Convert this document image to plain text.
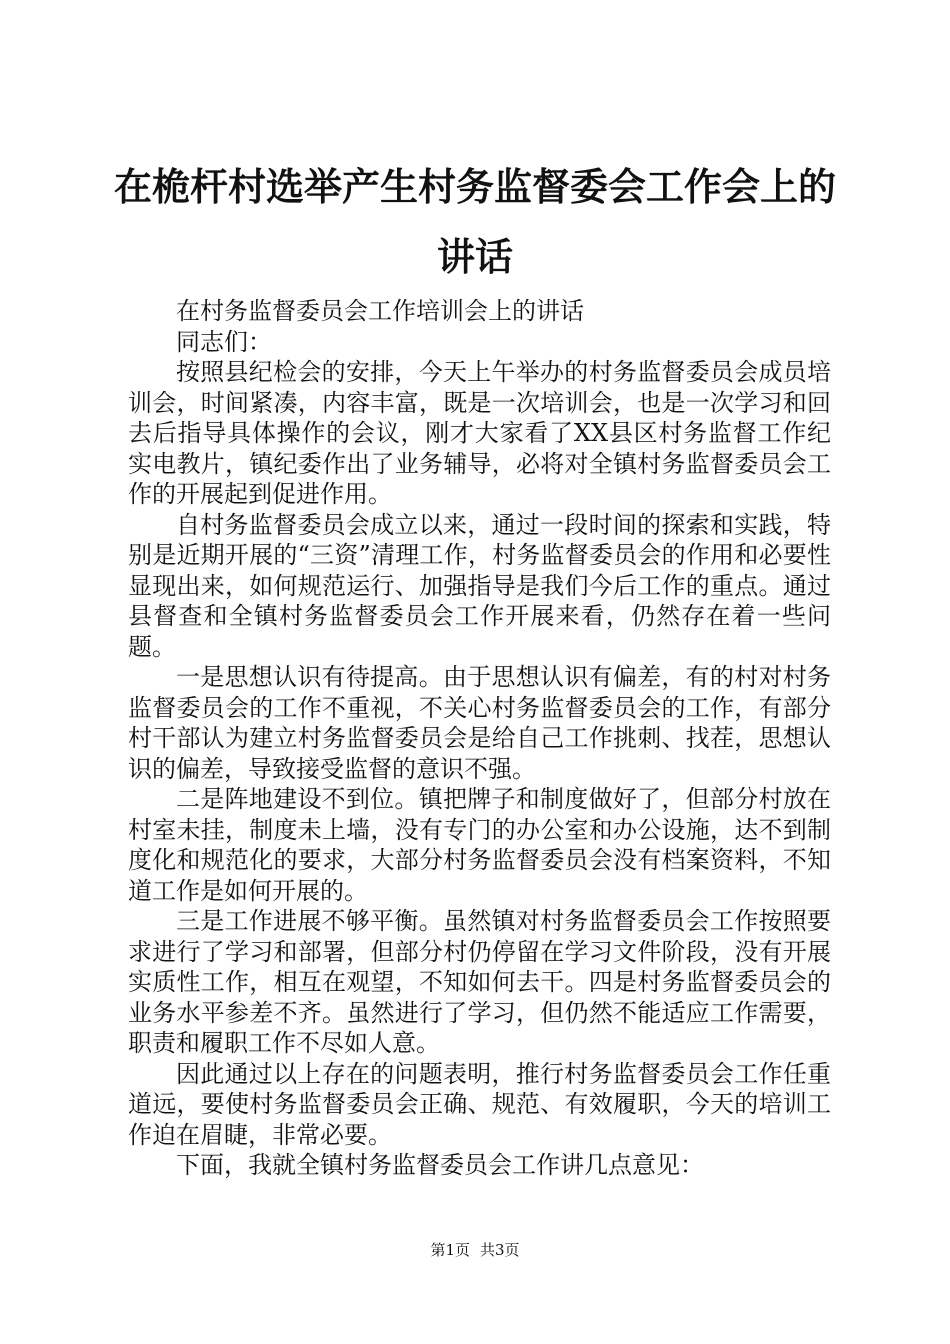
在桅杆村选举产生村务监督委会工作会上的讲话

在村务监督委员会工作培训会上的讲话

同志们：

按照县纪检会的安排，今天上午举办的村务监督委员会成员培训会，时间紧凑，内容丰富，既是一次培训会，也是一次学习和回去后指导具体操作的会议，刚才大家看了XX县区村务监督工作纪实电教片，镇纪委作出了业务辅导，必将对全镇村务监督委员会工作的开展起到促进作用。

自村务监督委员会成立以来，通过一段时间的探索和实践，特别是近期开展的“三资”清理工作，村务监督委员会的作用和必要性显现出来，如何规范运行、加强指导是我们今后工作的重点。通过县督查和全镇村务监督委员会工作开展来看，仍然存在着一些问题。

一是思想认识有待提高。由于思想认识有偏差，有的村对村务监督委员会的工作不重视，不关心村务监督委员会的工作，有部分村干部认为建立村务监督委员会是给自己工作挑刺、找茬，思想认识的偏差，导致接受监督的意识不强。

二是阵地建设不到位。镇把牌子和制度做好了，但部分村放在村室未挂，制度未上墙，没有专门的办公室和办公设施，达不到制度化和规范化的要求，大部分村务监督委员会没有档案资料，不知道工作是如何开展的。

三是工作进展不够平衡。虽然镇对村务监督委员会工作按照要求进行了学习和部署，但部分村仍停留在学习文件阶段，没有开展实质性工作，相互在观望，不知如何去干。四是村务监督委员会的业务水平参差不齐。虽然进行了学习，但仍然不能适应工作需要，职责和履职工作不尽如人意。

因此通过以上存在的问题表明，推行村务监督委员会工作任重道远，要使村务监督委员会正确、规范、有效履职，今天的培训工作迫在眉睫，非常必要。

下面，我就全镇村务监督委员会工作讲几点意见：

第1页 共3页
